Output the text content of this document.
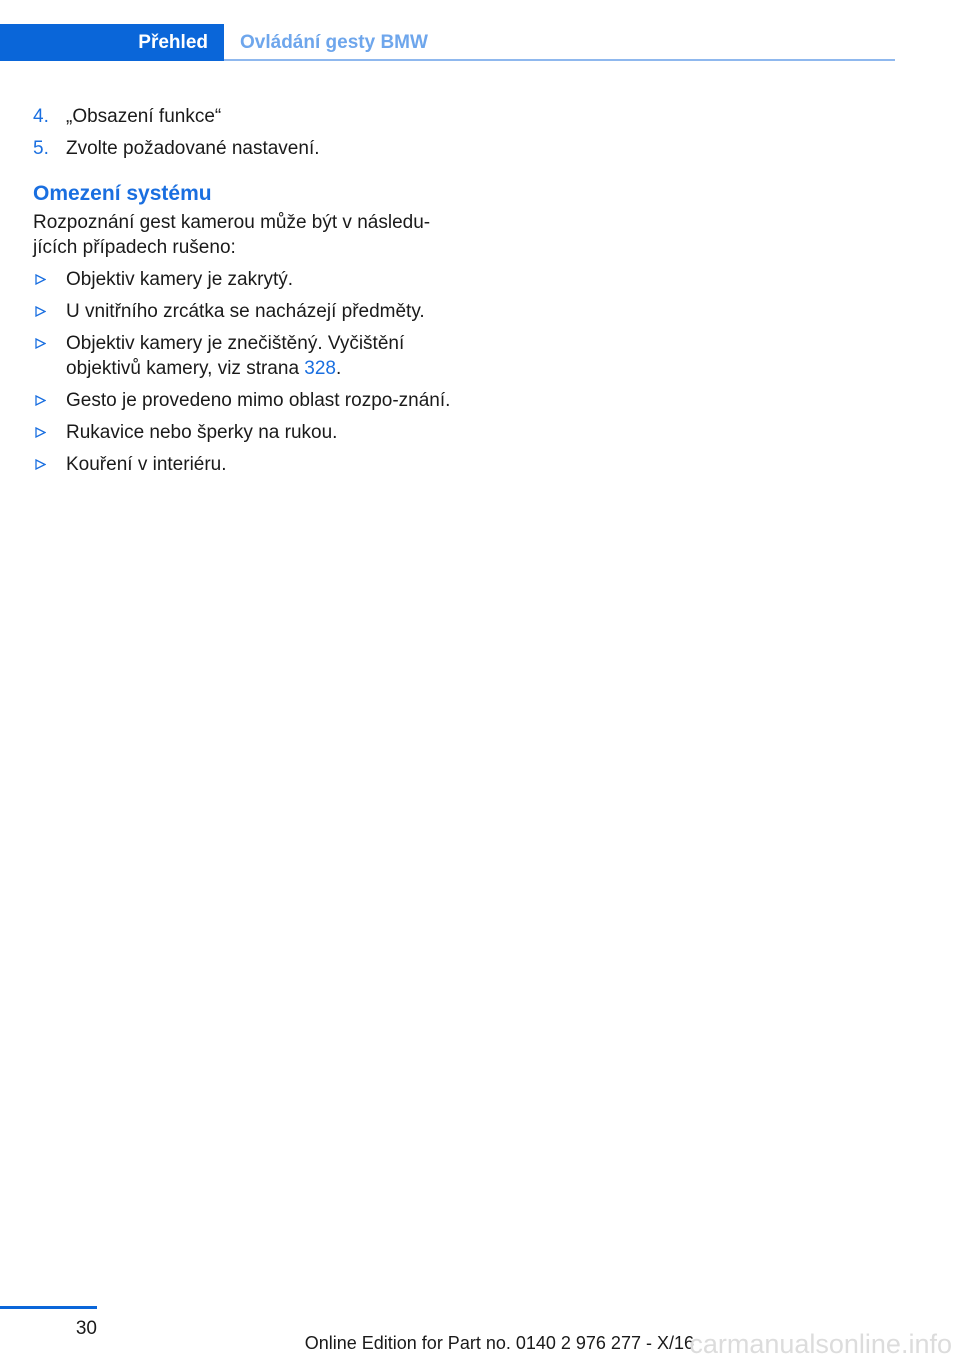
Přehled Ovládání gesty BMW
4. „Obsazení funkce“
5. Zvolte požadované nastavení.
Omezení systému
Rozpoznání gest kamerou může být v následu‐jících případech rušeno:
Objektiv kamery je zakrytý.
U vnitřního zrcátka se nacházejí předměty.
Objektiv kamery je znečištěný. Vyčištění objektivů kamery, viz strana 328.
Gesto je provedeno mimo oblast rozpo‐znání.
Rukavice nebo šperky na rukou.
Kouření v interiéru.
30
Online Edition for Part no. 0140 2 976 277 - X/16
carmanualsonline.info
